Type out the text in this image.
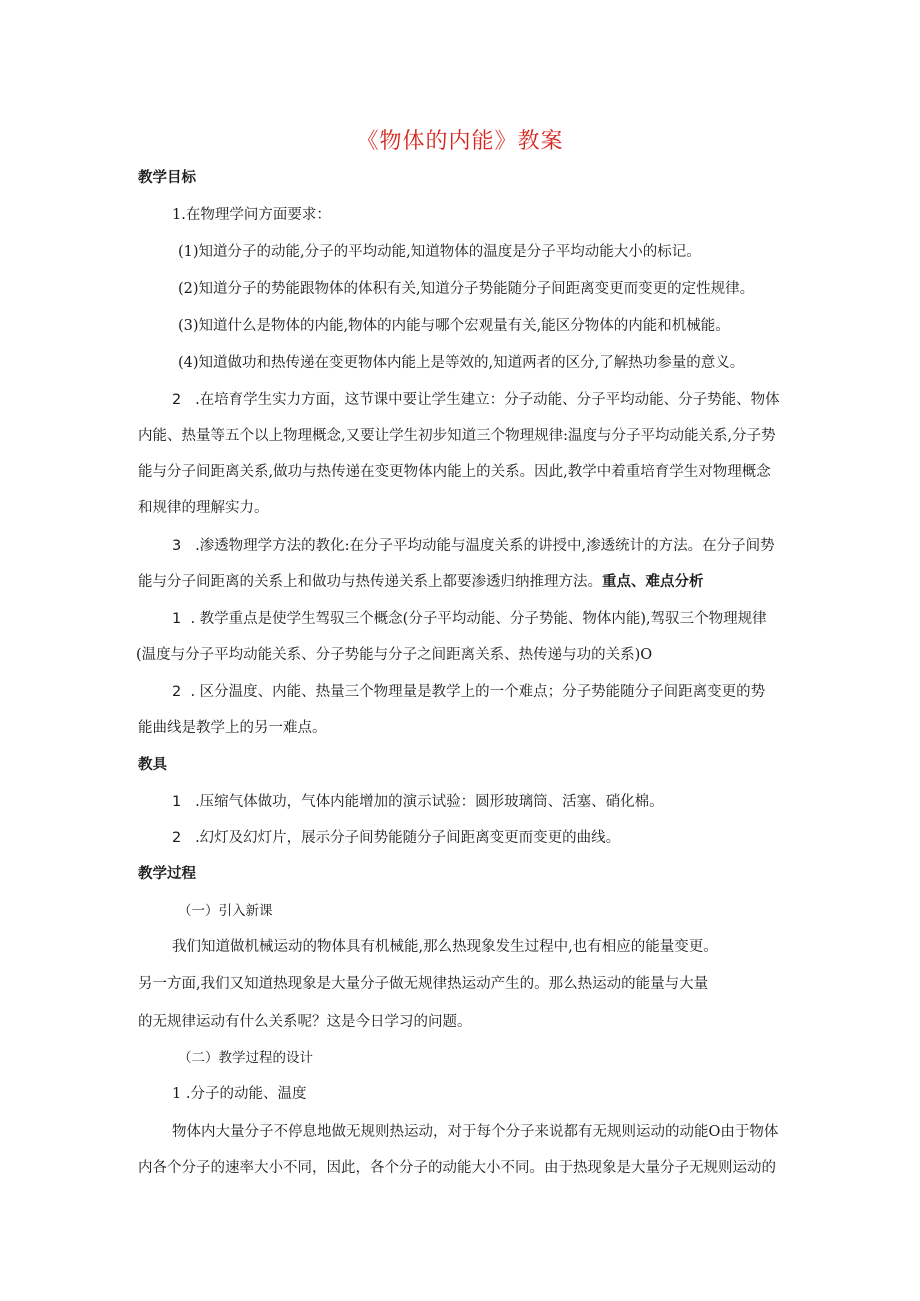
《物体的内能》教案
教学目标
1.在物理学问方面要求：
(1)知道分子的动能,分子的平均动能,知道物体的温度是分子平均动能大小的标记。
(2)知道分子的势能跟物体的体积有关,知道分子势能随分子间距离变更而变更的定性规律。
(3)知道什么是物体的内能,物体的内能与哪个宏观量有关,能区分物体的内能和机械能。
(4)知道做功和热传递在变更物体内能上是等效的,知道两者的区分,了解热功参量的意义。
2 .在培育学生实力方面，这节课中要让学生建立：分子动能、分子平均动能、分子势能、物体
内能、热量等五个以上物理概念,又要让学生初步知道三个物理规律:温度与分子平均动能关系,分子势
能与分子间距离关系,做功与热传递在变更物体内能上的关系。因此,教学中着重培育学生对物理概念
和规律的理解实力。
3 .渗透物理学方法的教化:在分子平均动能与温度关系的讲授中,渗透统计的方法。在分子间势
能与分子间距离的关系上和做功与热传递关系上都要渗透归纳推理方法。重点、难点分析
1 . 教学重点是使学生驾驭三个概念(分子平均动能、分子势能、物体内能),驾驭三个物理规律
(温度与分子平均动能关系、分子势能与分子之间距离关系、热传递与功的关系)O
2 . 区分温度、内能、热量三个物理量是教学上的一个难点；分子势能随分子间距离变更的势
能曲线是教学上的另一难点。
教具
1 .压缩气体做功，气体内能增加的演示试验：圆形玻璃筒、活塞、硝化棉。
2 .幻灯及幻灯片，展示分子间势能随分子间距离变更而变更的曲线。
教学过程
（一）引入新课
我们知道做机械运动的物体具有机械能,那么热现象发生过程中,也有相应的能量变更。
另一方面,我们又知道热现象是大量分子做无规律热运动产生的。那么热运动的能量与大量
的无规律运动有什么关系呢？这是今日学习的问题。
（二）教学过程的设计
1 .分子的动能、温度
物体内大量分子不停息地做无规则热运动，对于每个分子来说都有无规则运动的动能O由于物体
内各个分子的速率大小不同，因此，各个分子的动能大小不同。由于热现象是大量分子无规则运动的
